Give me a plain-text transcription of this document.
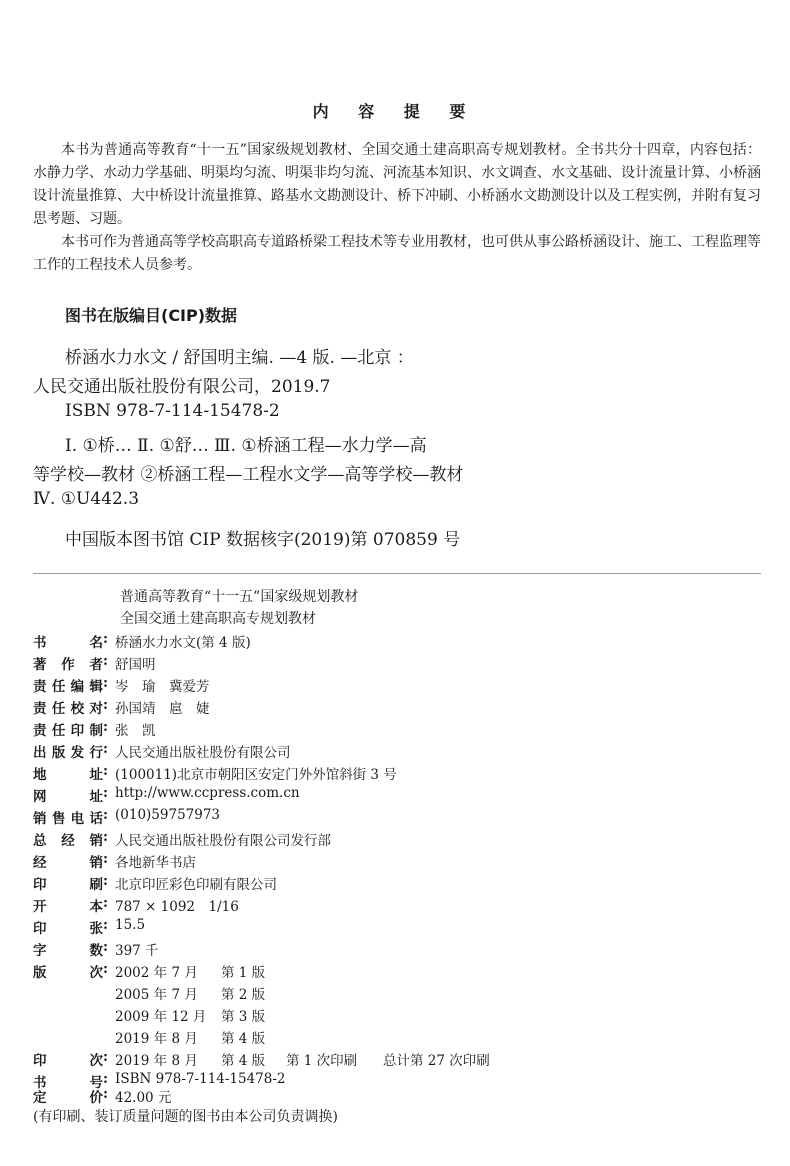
内 容 提 要
本书为普通高等教育“十一五”国家级规划教材、全国交通土建高职高专规划教材。全书共分十四章，内容包括：水静力学、水动力学基础、明渠均匀流、明渠非均匀流、河流基本知识、水文调查、水文基础、设计流量计算、小桥涵设计流量推算、大中桥设计流量推算、路基水文勘测设计、桥下冲刷、小桥涵水文勘测设计以及工程实例，并附有复习思考题、习题。
本书可作为普通高等学校高职高专道路桥梁工程技术等专业用教材，也可供从事公路桥涵设计、施工、工程监理等工作的工程技术人员参考。
图书在版编目(CIP)数据
桥涵水力水文 / 舒国明主编. —4 版. —北京 ：
人民交通出版社股份有限公司，2019.7
ISBN 978-7-114-15478-2
Ⅰ. ①桥… Ⅱ. ①舒… Ⅲ. ①桥涵工程—水力学—高
等学校—教材 ②桥涵工程—工程水文学—高等学校—教材
Ⅳ. ①U442.3
中国版本图书馆 CIP 数据核字(2019)第 070859 号
普通高等教育“十一五”国家级规划教材
全国交通土建高职高专规划教材
书名 : 桥涵水力水文(第 4 版)
著作者 : 舒国明
责任编辑 : 岑　瑜　冀爱芳
责任校对 : 孙国靖　扈　婕
责任印制 : 张　凯
出版发行 : 人民交通出版社股份有限公司
地址 : (100011)北京市朝阳区安定门外外馆斜街 3 号
网址 : http://www.ccpress.com.cn
销售电话 : (010)59757973
总经销 : 人民交通出版社股份有限公司发行部
经销 : 各地新华书店
印刷 : 北京印匠彩色印刷有限公司
开本 : 787 × 1092　1/16
印张 : 15.5
字数 : 397 千
版次 : 2002 年 7 月 第 1 版
2005 年 7 月 第 2 版
2009 年 12 月 第 3 版
2019 年 8 月 第 4 版
印次 : 2019 年 8 月 第 4 版 第 1 次印刷 总计第 27 次印刷
书号 : ISBN 978-7-114-15478-2
定价 : 42.00 元
(有印刷、装订质量问题的图书由本公司负责调换)
